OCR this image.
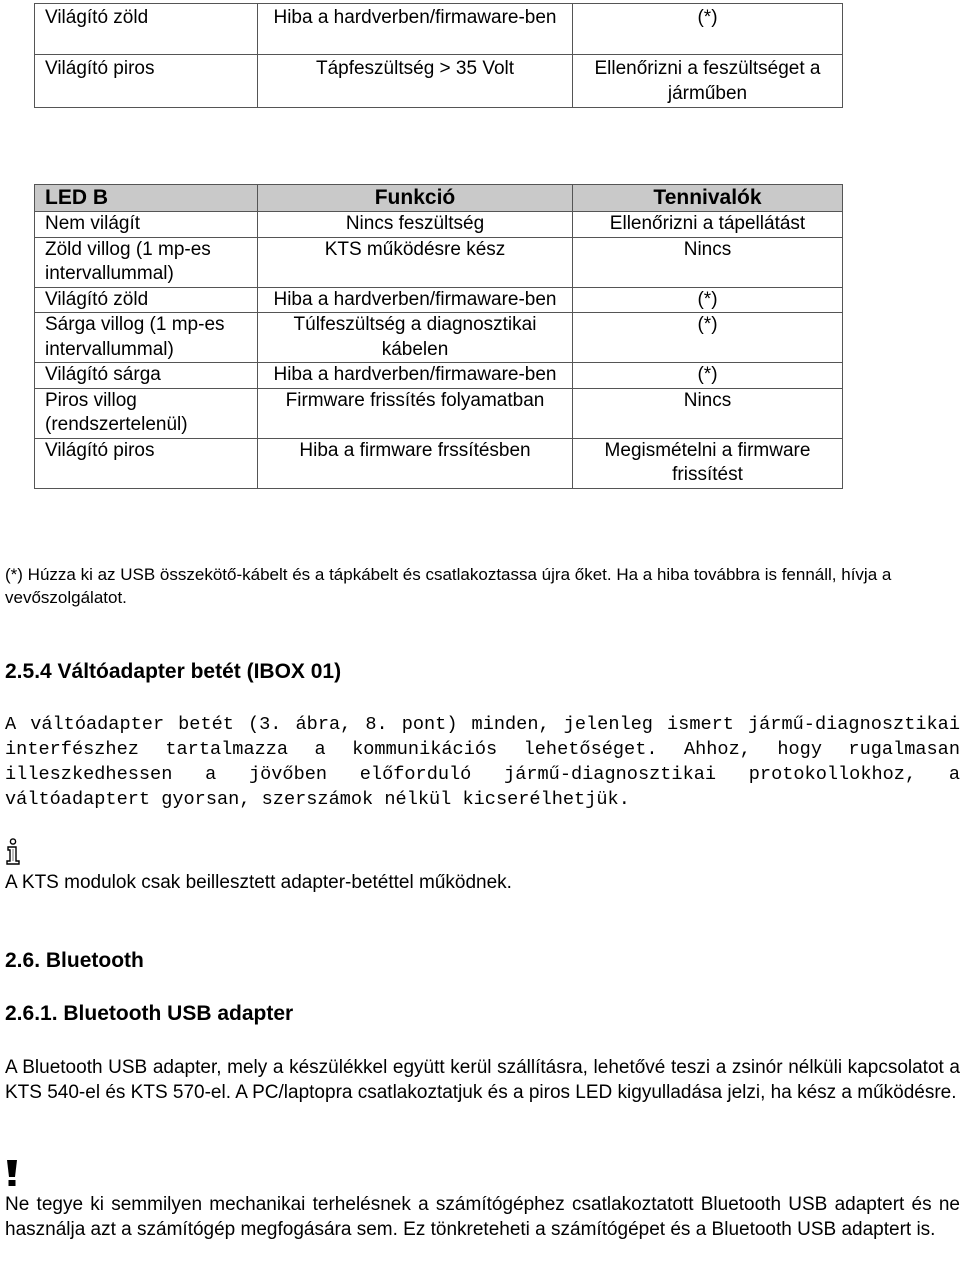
Világító zöld	Hiba a hardverben/firmaware-ben	(*)
Világító piros	Tápfeszültség > 35 Volt	Ellenőrizni a feszültséget a járműben
LED B	Funkció	Tennivalók
Nem világít	Nincs feszültség	Ellenőrizni a tápellátást
Zöld villog (1 mp-es intervallummal)	KTS működésre kész	Nincs
Világító zöld	Hiba a hardverben/firmaware-ben	(*)
Sárga villog (1 mp-es intervallummal)	Túlfeszültség a diagnosztikai kábelen	(*)
Világító sárga	Hiba a hardverben/firmaware-ben	(*)
Piros villog (rendszertelenül)	Firmware frissítés folyamatban	Nincs
Világító piros	Hiba a firmware frssítésben	Megismételni a firmware frissítést
(*) Húzza ki az USB összekötő-kábelt és a tápkábelt és csatlakoztassa újra őket. Ha a hiba továbbra is fennáll, hívja a vevőszolgálatot.
2.5.4 Váltóadapter betét (IBOX 01)
A váltóadapter betét (3. ábra, 8. pont) minden, jelenleg ismert jármű-diagnosztikai interfészhez tartalmazza a kommunikációs lehetőséget. Ahhoz, hogy rugalmasan illeszkedhessen a jövőben előforduló jármű-diagnosztikai protokollokhoz, a váltóadaptert gyorsan, szerszámok nélkül kicserélhetjük.
A KTS modulok csak beillesztett adapter-betéttel működnek.
2.6. Bluetooth
2.6.1. Bluetooth USB adapter
A Bluetooth USB adapter, mely a készülékkel együtt kerül szállításra, lehetővé teszi a zsinór nélküli kapcsolatot a KTS 540-el és KTS 570-el. A PC/laptopra csatlakoztatjuk és a piros LED kigyulladása jelzi, ha kész a működésre.
Ne tegye ki semmilyen mechanikai terhelésnek a számítógéphez csatlakoztatott Bluetooth USB adaptert és ne használja azt a számítógép megfogására sem. Ez tönkreteheti a számítógépet és a Bluetooth USB adaptert is.
